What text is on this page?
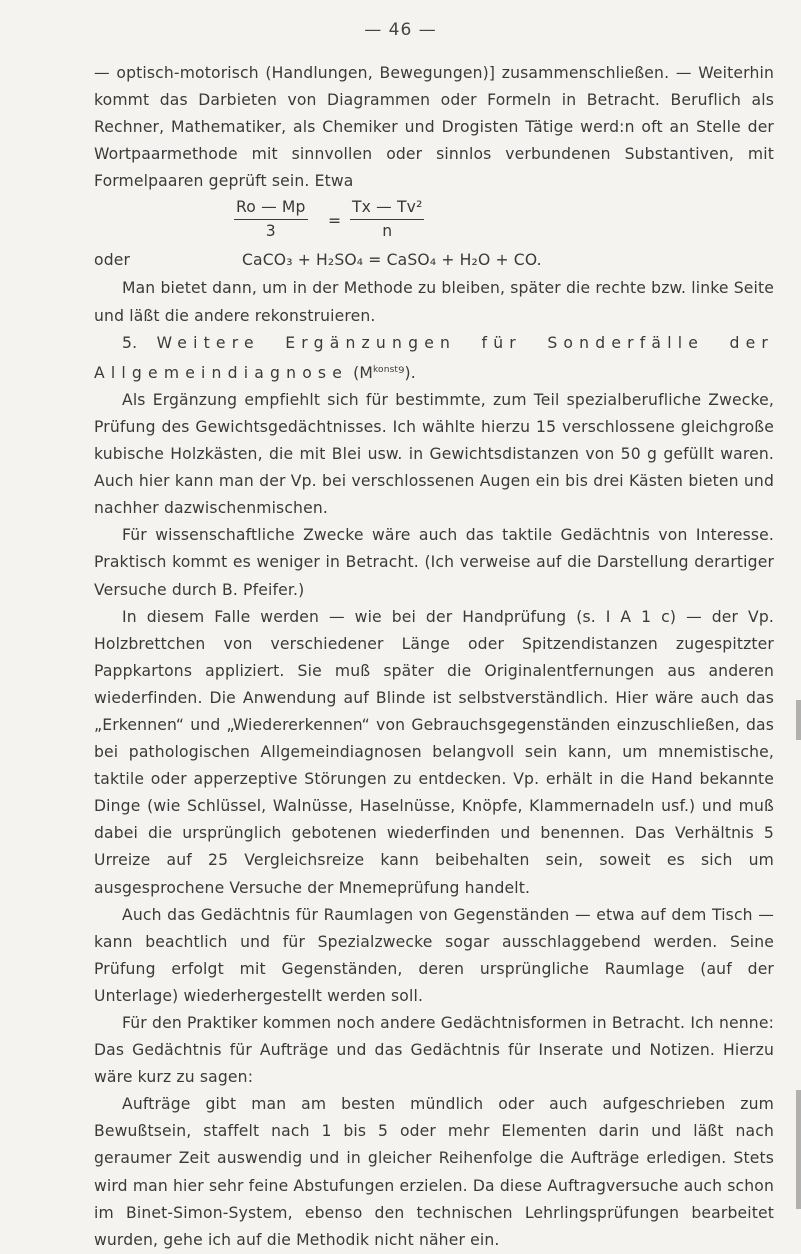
— 46 —

— optisch-motorisch (Handlungen, Bewegungen)] zusammenschließen. — Weiterhin kommt das Darbieten von Diagrammen oder Formeln in Betracht. Beruflich als Rechner, Mathematiker, als Chemiker und Drogisten Tätige werd:n oft an Stelle der Wortpaarmethode mit sinnvollen oder sinnlos verbundenen Substantiven, mit Formelpaaren geprüft sein. Etwa

Ro — Mp
3
=
Tx — Tv²
n
oder	CaCO₃ + H₂SO₄ = CaSO₄ + H₂O + CO.

Man bietet dann, um in der Methode zu bleiben, später die rechte bzw. linke Seite und läßt die andere rekonstruieren.

5. Weitere Ergänzungen für Sonderfälle der Allgemeindiagnose $(M^{konst}^9)$.

Als Ergänzung empfiehlt sich für bestimmte, zum Teil spezialberufliche Zwecke, Prüfung des Gewichtsgedächtnisses. Ich wählte hierzu 15 verschlossene gleichgroße kubische Holzkästen, die mit Blei usw. in Gewichtsdistanzen von 50 g gefüllt waren. Auch hier kann man der Vp. bei verschlossenen Augen ein bis drei Kästen bieten und nachher dazwischenmischen.

Für wissenschaftliche Zwecke wäre auch das taktile Gedächtnis von Interesse. Praktisch kommt es weniger in Betracht. (Ich verweise auf die Darstellung derartiger Versuche durch B. Pfeifer.)

In diesem Falle werden — wie bei der Handprüfung (s. I A 1 c) — der Vp. Holzbrettchen von verschiedener Länge oder Spitzendistanzen zugespitzter Pappkartons appliziert. Sie muß später die Originalentfernungen aus anderen wiederfinden. Die Anwendung auf Blinde ist selbstverständlich. Hier wäre auch das „Erkennen“ und „Wiedererkennen“ von Gebrauchsgegenständen einzuschließen, das bei pathologischen Allgemeindiagnosen belangvoll sein kann, um mnemistische, taktile oder apperzeptive Störungen zu entdecken. Vp. erhält in die Hand bekannte Dinge (wie Schlüssel, Walnüsse, Haselnüsse, Knöpfe, Klammernadeln usf.) und muß dabei die ursprünglich gebotenen wiederfinden und benennen. Das Verhältnis 5 Urreize auf 25 Vergleichsreize kann beibehalten sein, soweit es sich um ausgesprochene Versuche der Mnemeprüfung handelt.

Auch das Gedächtnis für Raumlagen von Gegenständen — etwa auf dem Tisch — kann beachtlich und für Spezialzwecke sogar ausschlaggebend werden. Seine Prüfung erfolgt mit Gegenständen, deren ursprüngliche Raumlage (auf der Unterlage) wiederhergestellt werden soll.

Für den Praktiker kommen noch andere Gedächtnisformen in Betracht. Ich nenne: Das Gedächtnis für Aufträge und das Gedächtnis für Inserate und Notizen. Hierzu wäre kurz zu sagen:

Aufträge gibt man am besten mündlich oder auch aufgeschrieben zum Bewußtsein, staffelt nach 1 bis 5 oder mehr Elementen darin und läßt nach geraumer Zeit auswendig und in gleicher Reihenfolge die Aufträge erledigen. Stets wird man hier sehr feine Abstufungen erzielen. Da diese Auftragversuche auch schon im Binet-Simon-System, ebenso den technischen Lehrlingsprüfungen bearbeitet wurden, gehe ich auf die Methodik nicht näher ein.
